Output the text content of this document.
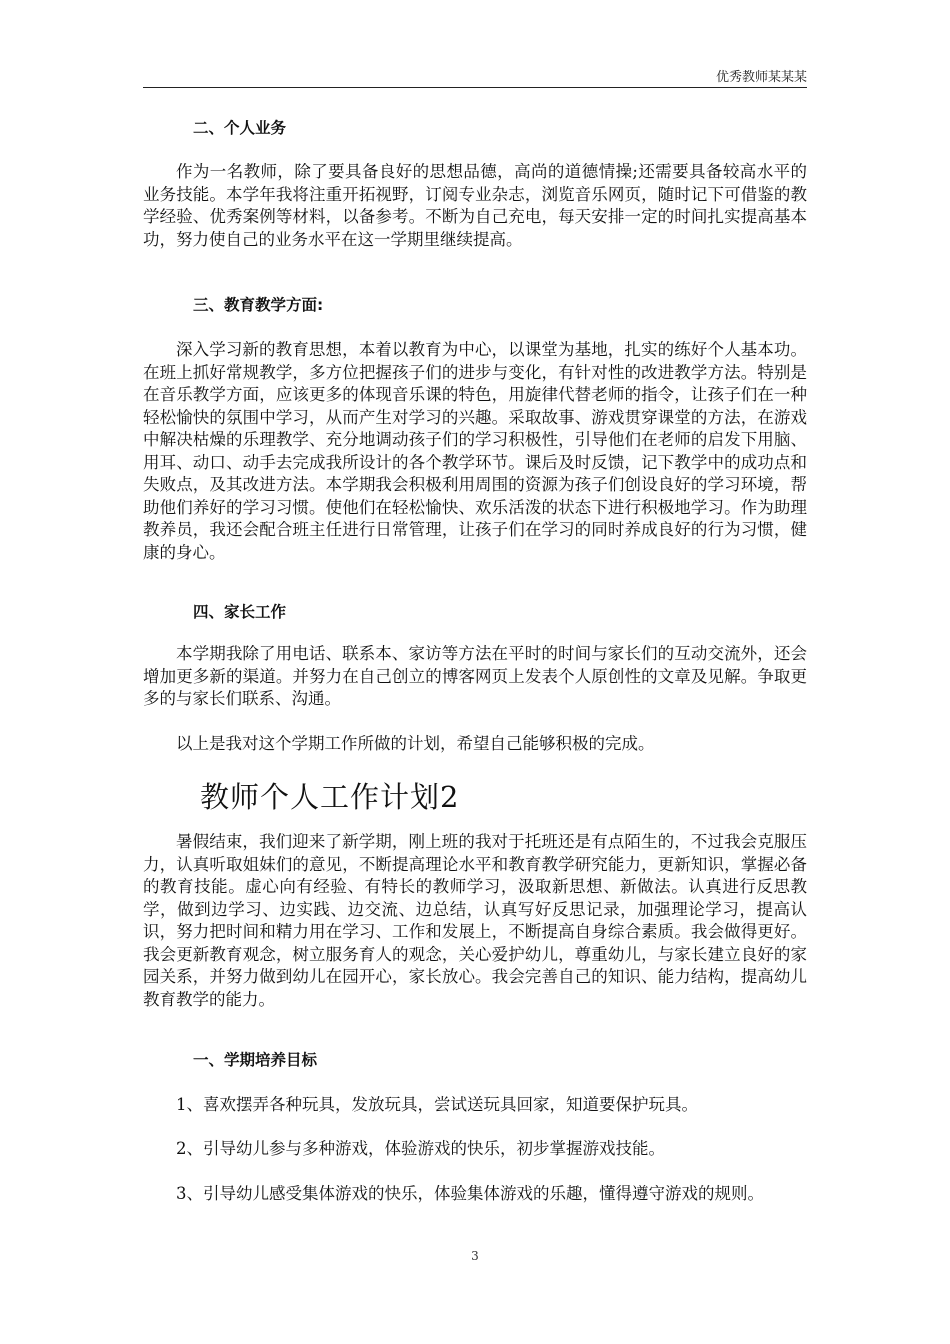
优秀教师某某某
二、个人业务
作为一名教师，除了要具备良好的思想品德，高尚的道德情操;还需要具备较高水平的业务技能。本学年我将注重开拓视野，订阅专业杂志，浏览音乐网页，随时记下可借鉴的教学经验、优秀案例等材料，以备参考。不断为自己充电，每天安排一定的时间扎实提高基本功，努力使自己的业务水平在这一学期里继续提高。
三、教育教学方面:
深入学习新的教育思想，本着以教育为中心，以课堂为基地，扎实的练好个人基本功。在班上抓好常规教学，多方位把握孩子们的进步与变化，有针对性的改进教学方法。特别是在音乐教学方面，应该更多的体现音乐课的特色，用旋律代替老师的指令，让孩子们在一种轻松愉快的氛围中学习，从而产生对学习的兴趣。采取故事、游戏贯穿课堂的方法，在游戏中解决枯燥的乐理教学、充分地调动孩子们的学习积极性，引导他们在老师的启发下用脑、用耳、动口、动手去完成我所设计的各个教学环节。课后及时反馈，记下教学中的成功点和失败点，及其改进方法。本学期我会积极利用周围的资源为孩子们创设良好的学习环境，帮助他们养好的学习习惯。使他们在轻松愉快、欢乐活泼的状态下进行积极地学习。作为助理教养员，我还会配合班主任进行日常管理，让孩子们在学习的同时养成良好的行为习惯，健康的身心。
四、家长工作
本学期我除了用电话、联系本、家访等方法在平时的时间与家长们的互动交流外，还会增加更多新的渠道。并努力在自己创立的博客网页上发表个人原创性的文章及见解。争取更多的与家长们联系、沟通。
以上是我对这个学期工作所做的计划，希望自己能够积极的完成。
教师个人工作计划2
暑假结束，我们迎来了新学期，刚上班的我对于托班还是有点陌生的，不过我会克服压力，认真听取姐妹们的意见，不断提高理论水平和教育教学研究能力，更新知识，掌握必备的教育技能。虚心向有经验、有特长的教师学习，汲取新思想、新做法。认真进行反思教学，做到边学习、边实践、边交流、边总结，认真写好反思记录，加强理论学习，提高认识，努力把时间和精力用在学习、工作和发展上，不断提高自身综合素质。我会做得更好。我会更新教育观念，树立服务育人的观念，关心爱护幼儿，尊重幼儿，与家长建立良好的家园关系，并努力做到幼儿在园开心，家长放心。我会完善自己的知识、能力结构，提高幼儿教育教学的能力。
一、学期培养目标
1、喜欢摆弄各种玩具，发放玩具，尝试送玩具回家，知道要保护玩具。
2、引导幼儿参与多种游戏，体验游戏的快乐，初步掌握游戏技能。
3、引导幼儿感受集体游戏的快乐，体验集体游戏的乐趣，懂得遵守游戏的规则。
3
